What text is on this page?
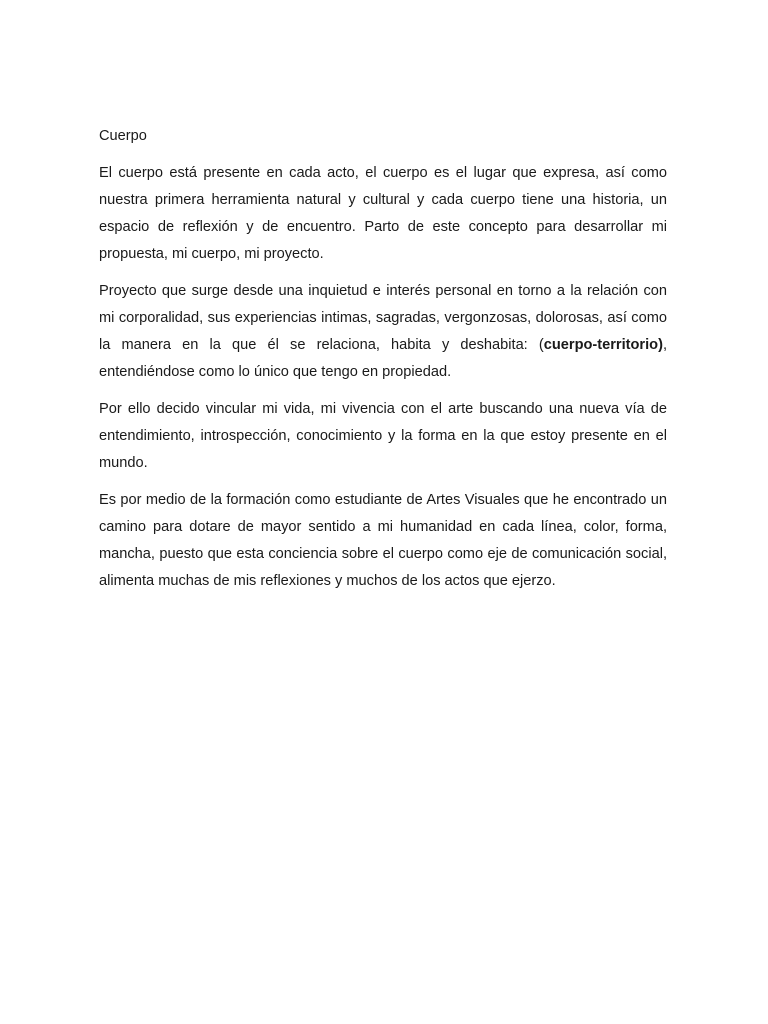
Cuerpo

El cuerpo está presente en cada acto, el cuerpo es el lugar que expresa, así como nuestra primera herramienta natural y cultural y cada cuerpo tiene una historia, un espacio de reflexión y de encuentro. Parto de este concepto para desarrollar mi propuesta, mi cuerpo, mi proyecto.

Proyecto que surge desde una inquietud e interés personal en torno a la relación con mi corporalidad, sus experiencias intimas, sagradas, vergonzosas, dolorosas, así como la manera en la que él se relaciona, habita y deshabita: (cuerpo-territorio), entendiéndose como lo único que tengo en propiedad.

Por ello decido vincular mi vida, mi vivencia con el arte buscando una nueva vía de entendimiento, introspección, conocimiento y la forma en la que estoy presente en el mundo.

Es por medio de la formación como estudiante de Artes Visuales que he encontrado un camino para dotare de mayor sentido a mi humanidad en cada línea, color, forma, mancha, puesto que esta conciencia sobre el cuerpo como eje de comunicación social, alimenta muchas de mis reflexiones y muchos de los actos que ejerzo.
